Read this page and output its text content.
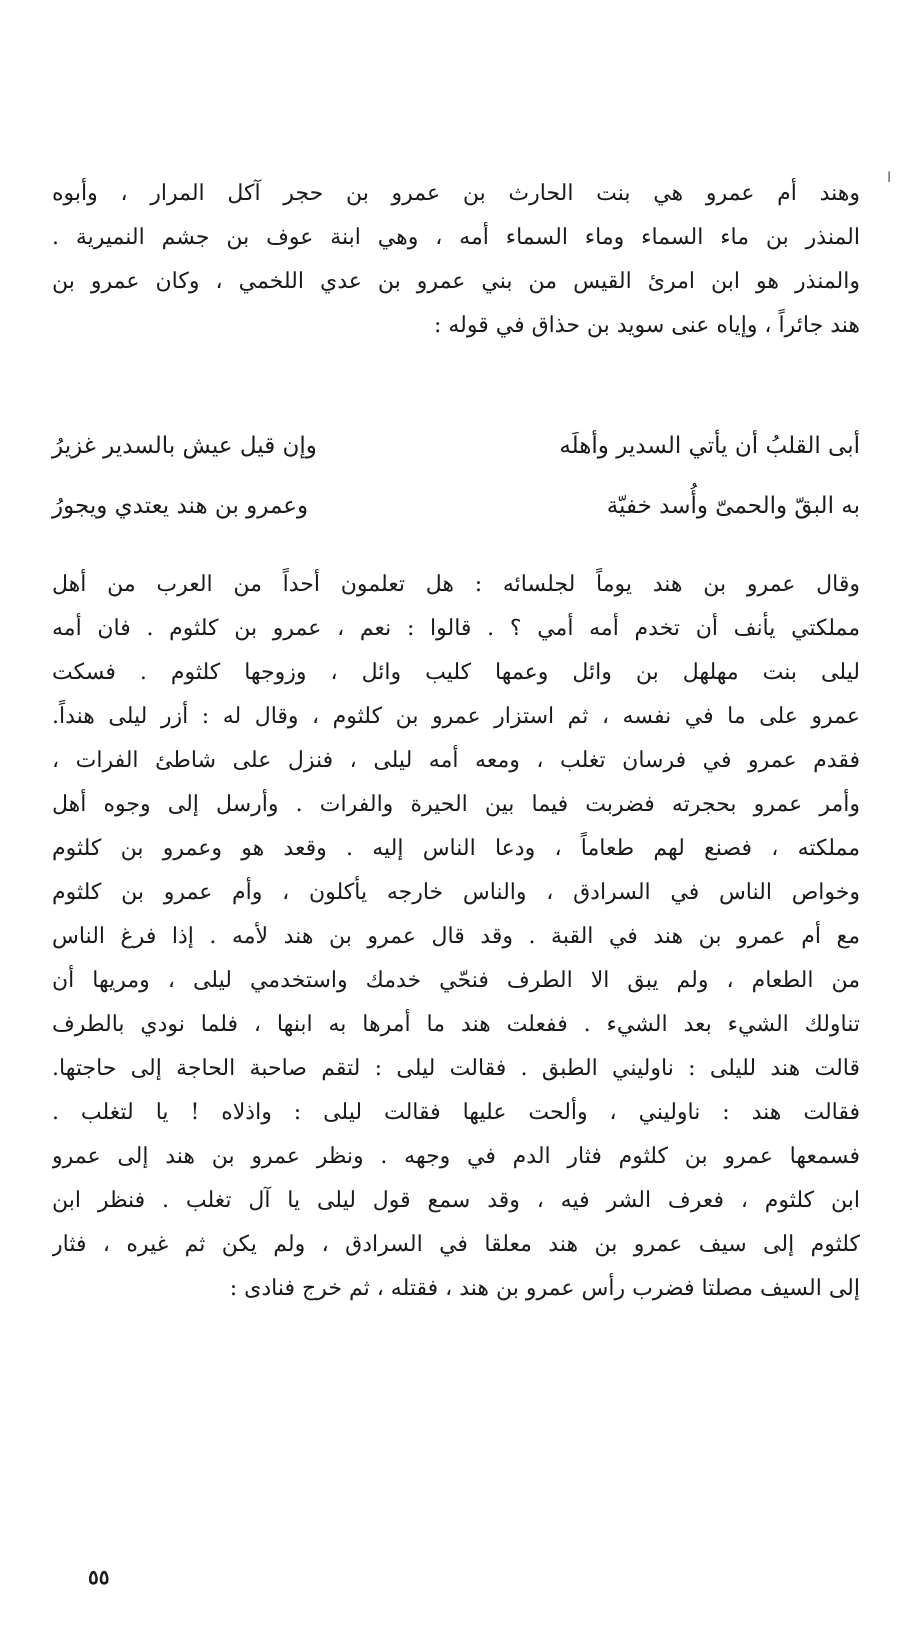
ا
وهند أم عمرو هي بنت الحارث بن عمرو بن حجر آكل المرار ، وأبوه
المنذر بن ماء السماء وماء السماء أمه ، وهي ابنة عوف بن جشم النميرية .
والمنذر هو ابن امرئ القيس من بني عمرو بن عدي اللخمي ، وكان عمرو بن
هند جائراً ، وإياه عنى سويد بن حذاق في قوله :
أبى القلبُ أن يأتي السدير وأهلَه
وإن قيل عيش بالسدير غزيرُ
به البقّ والحمىّ وأُسد خفيّة
وعمرو بن هند يعتدي ويجورُ
وقال عمرو بن هند يوماً لجلسائه : هل تعلمون أحداً من العرب من أهل
مملكتي يأنف أن تخدم أمه أمي ؟ . قالوا : نعم ، عمرو بن كلثوم . فان أمه
ليلى بنت مهلهل بن وائل وعمها كليب وائل ، وزوجها كلثوم . فسكت
عمرو على ما في نفسه ، ثم استزار عمرو بن كلثوم ، وقال له : أزر ليلى هنداً.
فقدم عمرو في فرسان تغلب ، ومعه أمه ليلى ، فنزل على شاطئ الفرات ،
وأمر عمرو بحجرته فضربت فيما بين الحيرة والفرات . وأرسل إلى وجوه أهل
مملكته ، فصنع لهم طعاماً ، ودعا الناس إليه . وقعد هو وعمرو بن كلثوم
وخواص الناس في السرادق ، والناس خارجه يأكلون ، وأم عمرو بن كلثوم
مع أم عمرو بن هند في القبة . وقد قال عمرو بن هند لأمه . إذا فرغ الناس
من الطعام ، ولم يبق الا الطرف فنحّي خدمك واستخدمي ليلى ، ومريها أن
تناولك الشيء بعد الشيء . ففعلت هند ما أمرها به ابنها ، فلما نودي بالطرف
قالت هند لليلى : ناوليني الطبق . فقالت ليلى : لتقم صاحبة الحاجة إلى حاجتها.
فقالت هند : ناوليني ، وألحت عليها فقالت ليلى : واذلاه ! يا لتغلب .
فسمعها عمرو بن كلثوم فثار الدم في وجهه . ونظر عمرو بن هند إلى عمرو
ابن كلثوم ، فعرف الشر فيه ، وقد سمع قول ليلى يا آل تغلب . فنظر ابن
كلثوم إلى سيف عمرو بن هند معلقا في السرادق ، ولم يكن ثم غيره ، فثار
إلى السيف مصلتا فضرب رأس عمرو بن هند ، فقتله ، ثم خرج فنادى :
٥٥
